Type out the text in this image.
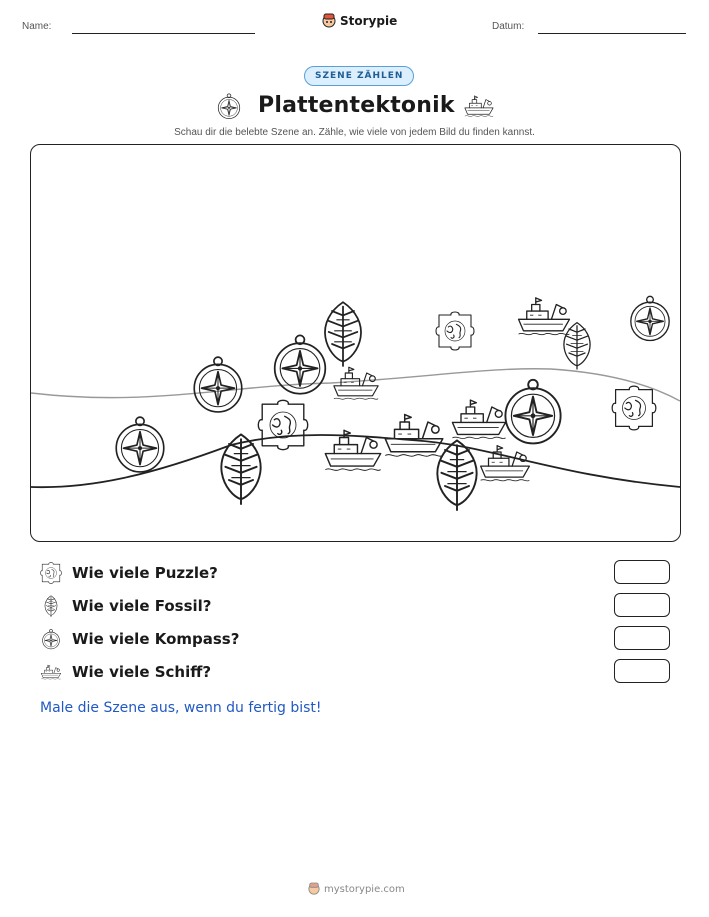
Name:	Storypie	Datum:
SZENE ZÄHLEN
Plattentektonik
Schau dir die belebte Szene an. Zähle, wie viele von jedem Bild du finden kannst.
Wie viele Puzzle?
Wie viele Fossil?
Wie viele Kompass?
Wie viele Schiff?
Male die Szene aus, wenn du fertig bist!
mystorypie.com
